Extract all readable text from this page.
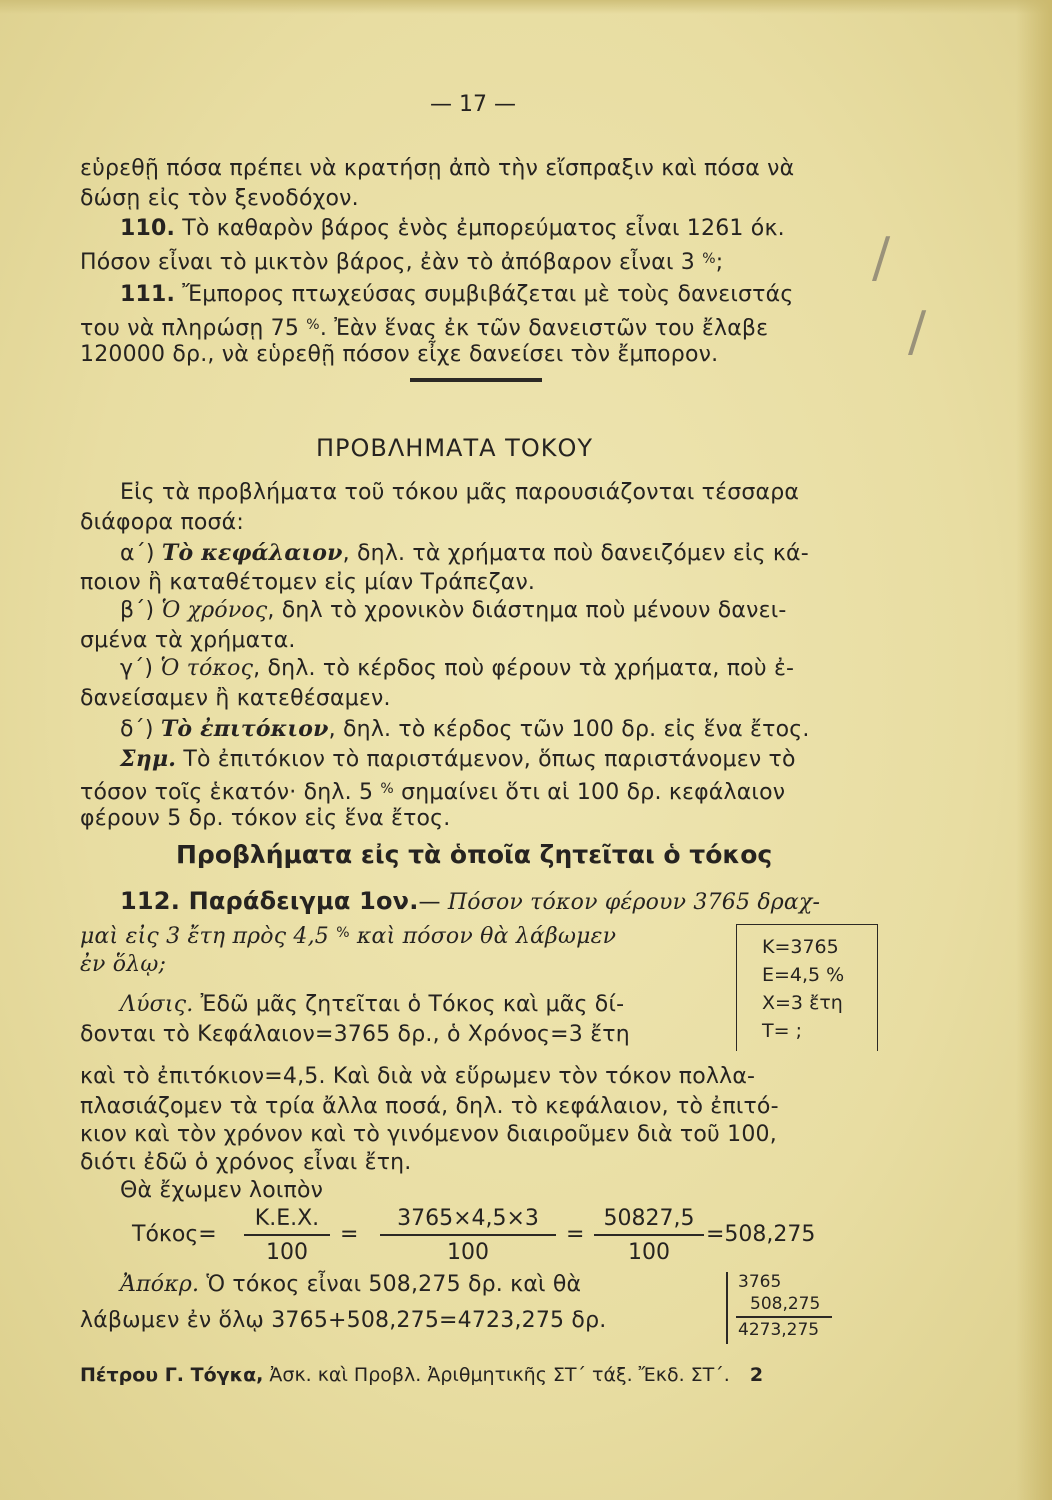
— 17 —
εὑρεθῇ πόσα πρέπει νὰ κρατήσῃ ἀπὸ τὴν εἴσπραξιν καὶ πόσα νὰ
δώσῃ εἰς τὸν ξενοδόχον.
110. Τὸ καθαρὸν βάρος ἑνὸς ἐμπορεύματος εἶναι 1261 όκ.
Πόσον εἶναι τὸ μικτὸν βάρος, ἐὰν τὸ ἀπόβαρον εἶναι 3 %;
111. Ἔμπορος πτωχεύσας συμβιβάζεται μὲ τοὺς δανειστάς
του νὰ πληρώσῃ 75 %. Ἐὰν ἕνας ἐκ τῶν δανειστῶν του ἔλαβε
120000 δρ., νὰ εὑρεθῇ πόσον εἶχε δανείσει τὸν ἔμπορον.
/
/
ΠΡΟΒΛΗΜΑΤΑ ΤΟΚΟΥ
Εἰς τὰ προβλήματα τοῦ τόκου μᾶς παρουσιάζονται τέσσαρα
διάφορα ποσά:
α΄) Τὸ κεφάλαιον, δηλ. τὰ χρήματα ποὺ δανειζόμεν εἰς κά-
ποιον ἢ καταθέτομεν εἰς μίαν Τράπεζαν.
β΄) Ὁ χρόνος, δηλ τὸ χρονικὸν διάστημα ποὺ μένουν δανει-
σμένα τὰ χρήματα.
γ΄) Ὁ τόκος, δηλ. τὸ κέρδος ποὺ φέρουν τὰ χρήματα, ποὺ ἐ-
δανείσαμεν ἢ κατεθέσαμεν.
δ΄) Τὸ ἐπιτόκιον, δηλ. τὸ κέρδος τῶν 100 δρ. εἰς ἕνα ἔτος.
Σημ. Τὸ ἐπιτόκιον τὸ παριστάμενον, ὅπως παριστάνομεν τὸ
τόσον τοῖς ἑκατόν· δηλ. 5 % σημαίνει ὅτι αἱ 100 δρ. κεφάλαιον
φέρουν 5 δρ. τόκον εἰς ἕνα ἔτος.
Προβλήματα εἰς τὰ ὁποῖα ζητεῖται ὁ τόκος
112. Παράδειγμα 1ον.— Πόσον τόκον φέρουν 3765 δραχ-
μαὶ εἰς 3 ἔτη πρὸς 4,5 % καὶ πόσον θὰ λάβωμεν
ἐν ὅλῳ;
K=3765
E=4,5 %
X=3 ἔτη
T= ;
Λύσις. Ἐδῶ μᾶς ζητεῖται ὁ Τόκος καὶ μᾶς δί-
δονται τὸ Κεφάλαιον=3765 δρ., ὁ Χρόνος=3 ἔτη
καὶ τὸ ἐπιτόκιον=4,5. Καὶ διὰ νὰ εὕρωμεν τὸν τόκον πολλα-
πλασιάζομεν τὰ τρία ἄλλα ποσά, δηλ. τὸ κεφάλαιον, τὸ ἐπιτό-
κιον καὶ τὸν χρόνον καὶ τὸ γινόμενον διαιροῦμεν διὰ τοῦ 100,
διότι ἐδῶ ὁ χρόνος εἶναι ἔτη.
Θὰ ἔχωμεν λοιπὸν
Τόκος=
Κ.Ε.Χ.
100
=
3765×4,5×3
100
=
50827,5
100
=508,275
Ἀπόκρ. Ὁ τόκος εἶναι 508,275 δρ. καὶ θὰ
λάβωμεν ἐν ὅλῳ 3765+508,275=4723,275 δρ.
3765
508,275
4273,275
Πέτρου Γ. Τόγκα, Ἀσκ. καὶ Προβλ. Ἀριθμητικῆς ΣΤ΄ τάξ. Ἔκδ. ΣΤ΄. 2
